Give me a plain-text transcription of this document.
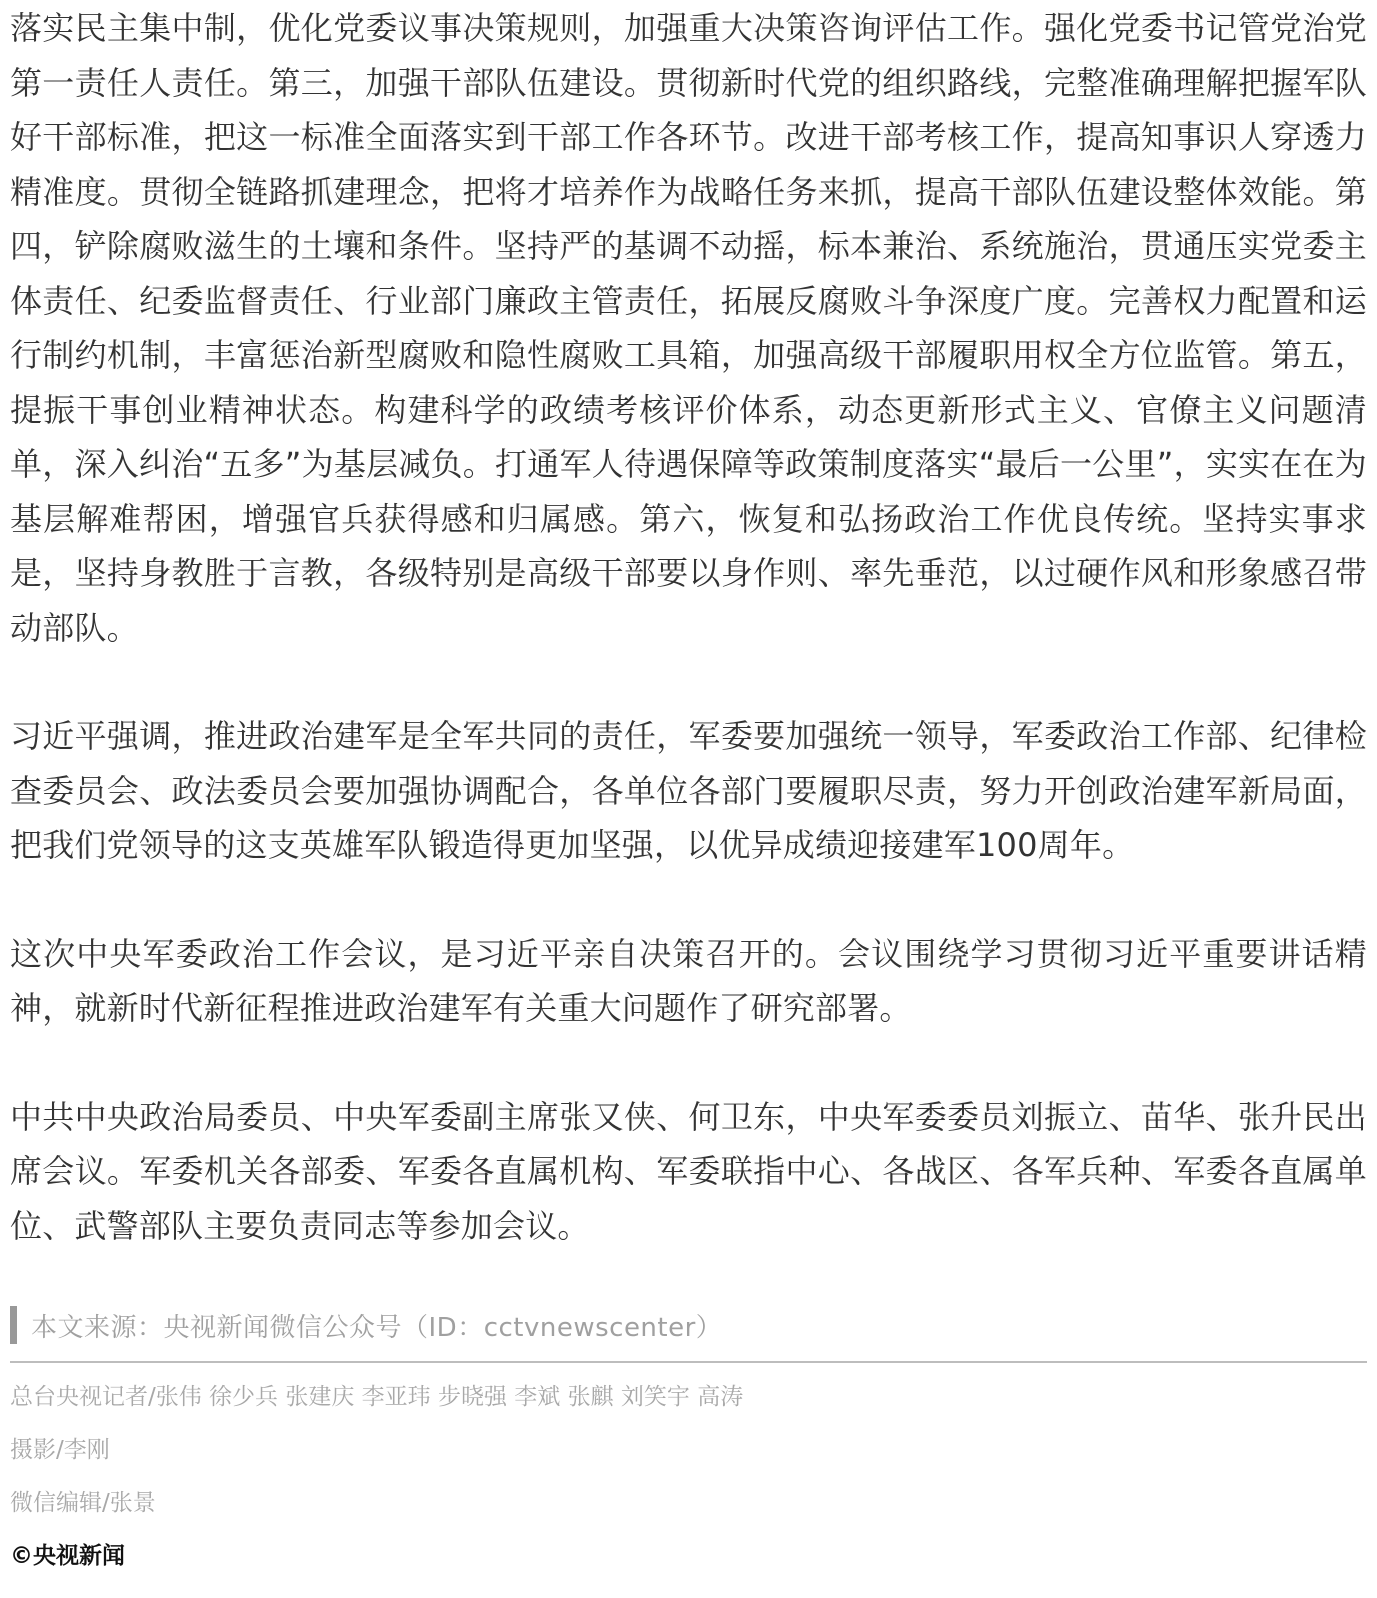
落实民主集中制，优化党委议事决策规则，加强重大决策咨询评估工作。强化党委书记管党治党第一责任人责任。第三，加强干部队伍建设。贯彻新时代党的组织路线，完整准确理解把握军队好干部标准，把这一标准全面落实到干部工作各环节。改进干部考核工作，提高知事识人穿透力精准度。贯彻全链路抓建理念，把将才培养作为战略任务来抓，提高干部队伍建设整体效能。第四，铲除腐败滋生的土壤和条件。坚持严的基调不动摇，标本兼治、系统施治，贯通压实党委主体责任、纪委监督责任、行业部门廉政主管责任，拓展反腐败斗争深度广度。完善权力配置和运行制约机制，丰富惩治新型腐败和隐性腐败工具箱，加强高级干部履职用权全方位监管。第五，提振干事创业精神状态。构建科学的政绩考核评价体系，动态更新形式主义、官僚主义问题清单，深入纠治“五多”为基层减负。打通军人待遇保障等政策制度落实“最后一公里”，实实在在为基层解难帮困，增强官兵获得感和归属感。第六，恢复和弘扬政治工作优良传统。坚持实事求是，坚持身教胜于言教，各级特别是高级干部要以身作则、率先垂范，以过硬作风和形象感召带动部队。

习近平强调，推进政治建军是全军共同的责任，军委要加强统一领导，军委政治工作部、纪律检查委员会、政法委员会要加强协调配合，各单位各部门要履职尽责，努力开创政治建军新局面，把我们党领导的这支英雄军队锻造得更加坚强，以优异成绩迎接建军100周年。

这次中央军委政治工作会议，是习近平亲自决策召开的。会议围绕学习贯彻习近平重要讲话精神，就新时代新征程推进政治建军有关重大问题作了研究部署。

中共中央政治局委员、中央军委副主席张又侠、何卫东，中央军委委员刘振立、苗华、张升民出席会议。军委机关各部委、军委各直属机构、军委联指中心、各战区、各军兵种、军委各直属单位、武警部队主要负责同志等参加会议。

本文来源：央视新闻微信公众号（ID：cctvnewscenter）

总台央视记者/张伟 徐少兵 张建庆 李亚玮 步晓强 李斌 张麒 刘笑宇 高涛

摄影/李刚

微信编辑/张景

©央视新闻
